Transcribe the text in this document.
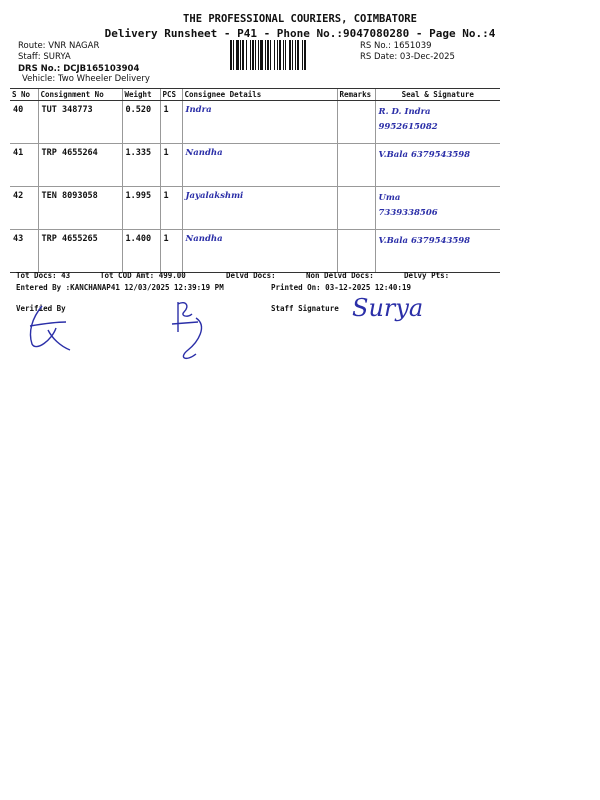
THE PROFESSIONAL COURIERS, COIMBATORE
Delivery Runsheet - P41 - Phone No.:9047080280 - Page No.:4
Route: VNR NAGAR
Staff: SURYA
DRS No.: DCJB165103904
Vehicle: Two Wheeler Delivery
RS No.: 1651039
RS Date: 03-Dec-2025
S No	Consignment No	Weight	PCS	Consignee Details	Remarks	Seal & Signature
40	TUT 348773	0.520	1	Indra		R. D. Indra
9952615082

41	TRP 4655264	1.335	1	Nandha		V.Bala 6379543598

42	TEN 8093058	1.995	1	Jayalakshmi		Uma
7339338506

43	TRP 4655265	1.400	1	Nandha		V.Bala 6379543598
Tot Docs: 43	Tot COD Amt: 499.00	Delvd Docs:	Non Delvd Docs:	Delvy Pts:
Entered By :KANCHANAP41 12/03/2025 12:39:19 PM	Printed On: 03-12-2025 12:40:19
Verified By	Staff Signature Surya
